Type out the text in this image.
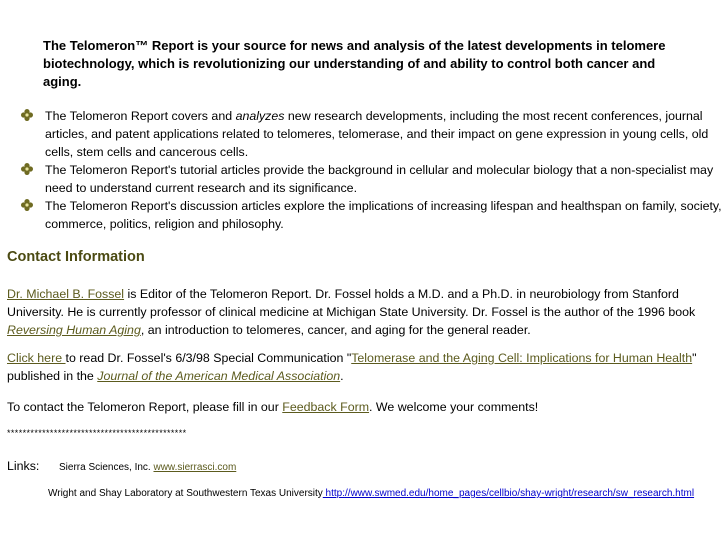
The Telomeron™ Report is your source for news and analysis of the latest developments in telomere biotechnology, which is revolutionizing our understanding of and ability to control both cancer and aging.

The Telomeron Report covers and analyzes new research developments, including the most recent conferences, journal articles, and patent applications related to telomeres, telomerase, and their impact on gene expression in young cells, old cells, stem cells and cancerous cells.

The Telomeron Report's tutorial articles provide the background in cellular and molecular biology that a non-specialist may need to understand current research and its significance.

The Telomeron Report's discussion articles explore the implications of increasing lifespan and healthspan on family, society, commerce, politics, religion and philosophy.

Contact Information
Dr. Michael B. Fossel is Editor of the Telomeron Report. Dr. Fossel holds a M.D. and a Ph.D. in neurobiology from Stanford University. He is currently professor of clinical medicine at Michigan State University. Dr. Fossel is the author of the 1996 book Reversing Human Aging, an introduction to telomeres, cancer, and aging for the general reader.
Click here to read Dr. Fossel's 6/3/98 Special Communication "Telomerase and the Aging Cell: Implications for Human Health" published in the Journal of the American Medical Association.
To contact the Telomeron Report, please fill in our Feedback Form. We welcome your comments!
**********************************************
Links: Sierra Sciences, Inc. www.sierrasci.com
Wright and Shay Laboratory at Southwestern Texas University http://www.swmed.edu/home_pages/cellbio/shay-wright/research/sw_research.html
